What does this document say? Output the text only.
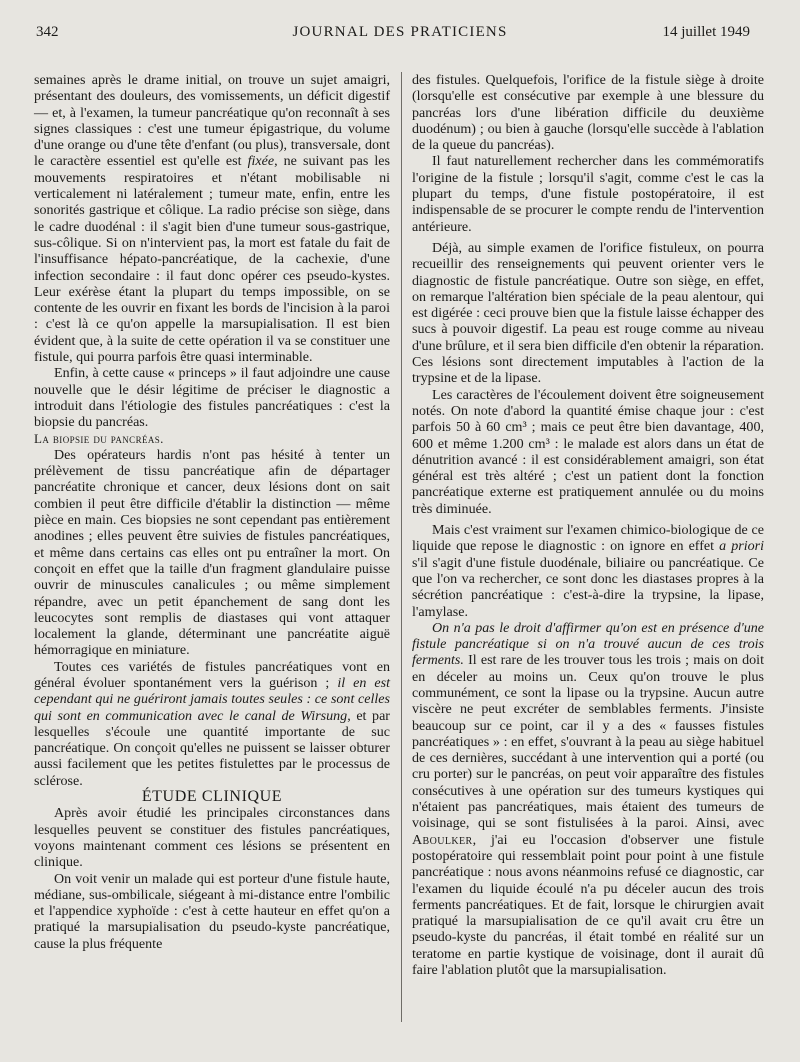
342	JOURNAL DES PRATICIENS	14 juillet 1949

semaines après le drame initial, on trouve un sujet amaigri, présentant des douleurs, des vomissements, un déficit digestif — et, à l'examen, la tumeur pancréatique qu'on reconnaît à ses signes classiques : c'est une tumeur épigastrique, du volume d'une orange ou d'une tête d'enfant (ou plus), transversale, dont le caractère essentiel est qu'elle est fixée, ne suivant pas les mouvements respiratoires et n'étant mobilisable ni verticalement ni latéralement ; tumeur mate, enfin, entre les sonorités gastrique et côlique. La radio précise son siège, dans le cadre duodénal : il s'agit bien d'une tumeur sous-gastrique, sus-côlique. Si on n'intervient pas, la mort est fatale du fait de l'insuffisance hépato-pancréatique, de la cachexie, d'une infection secondaire : il faut donc opérer ces pseudo-kystes. Leur exérèse étant la plupart du temps impossible, on se contente de les ouvrir en fixant les bords de l'incision à la paroi : c'est là ce qu'on appelle la marsupialisation. Il est bien évident que, à la suite de cette opération il va se constituer une fistule, qui pourra parfois être quasi interminable.

Enfin, à cette cause « princeps » il faut adjoindre une cause nouvelle que le désir légitime de préciser le diagnostic a introduit dans l'étiologie des fistules pancréatiques : c'est la biopsie du pancréas.

La biopsie du pancréas.

Des opérateurs hardis n'ont pas hésité à tenter un prélèvement de tissu pancréatique afin de départager pancréatite chronique et cancer, deux lésions dont on sait combien il peut être difficile d'établir la distinction — même pièce en main. Ces biopsies ne sont cependant pas entièrement anodines ; elles peuvent être suivies de fistules pancréatiques, et même dans certains cas elles ont pu entraîner la mort. On conçoit en effet que la taille d'un fragment glandulaire puisse ouvrir de minuscules canalicules ; ou même simplement répandre, avec un petit épanchement de sang dont les leucocytes sont remplis de diastases qui vont attaquer localement la glande, déterminant une pancréatite aiguë hémorragique en miniature.

Toutes ces variétés de fistules pancréatiques vont en général évoluer spontanément vers la guérison ; il en est cependant qui ne guériront jamais toutes seules : ce sont celles qui sont en communication avec le canal de Wirsung, et par lesquelles s'écoule une quantité importante de suc pancréatique. On conçoit qu'elles ne puissent se laisser obturer aussi facilement que les petites fistulettes par le processus de sclérose.

ÉTUDE CLINIQUE

Après avoir étudié les principales circonstances dans lesquelles peuvent se constituer des fistules pancréatiques, voyons maintenant comment ces lésions se présentent en clinique.

On voit venir un malade qui est porteur d'une fistule haute, médiane, sus-ombilicale, siégeant à mi-distance entre l'ombilic et l'appendice xyphoïde : c'est à cette hauteur en effet qu'on a pratiqué la marsupialisation du pseudo-kyste pancréatique, cause la plus fréquente

des fistules. Quelquefois, l'orifice de la fistule siège à droite (lorsqu'elle est consécutive par exemple à une blessure du pancréas lors d'une libération difficile du deuxième duodénum) ; ou bien à gauche (lorsqu'elle succède à l'ablation de la queue du pancréas).

Il faut naturellement rechercher dans les commémoratifs l'origine de la fistule ; lorsqu'il s'agit, comme c'est le cas la plupart du temps, d'une fistule postopératoire, il est indispensable de se procurer le compte rendu de l'intervention antérieure.

Déjà, au simple examen de l'orifice fistuleux, on pourra recueillir des renseignements qui peuvent orienter vers le diagnostic de fistule pancréatique. Outre son siège, en effet, on remarque l'altération bien spéciale de la peau alentour, qui est digérée : ceci prouve bien que la fistule laisse échapper des sucs à pouvoir digestif. La peau est rouge comme au niveau d'une brûlure, et il sera bien difficile d'en obtenir la réparation. Ces lésions sont directement imputables à l'action de la trypsine et de la lipase.

Les caractères de l'écoulement doivent être soigneusement notés. On note d'abord la quantité émise chaque jour : c'est parfois 50 à 60 cm³ ; mais ce peut être bien davantage, 400, 600 et même 1.200 cm³ : le malade est alors dans un état de dénutrition avancé : il est considérablement amaigri, son état général est très altéré ; c'est un patient dont la fonction pancréatique externe est pratiquement annulée ou du moins très diminuée.

Mais c'est vraiment sur l'examen chimico-biologique de ce liquide que repose le diagnostic : on ignore en effet a priori s'il s'agit d'une fistule duodénale, biliaire ou pancréatique. Ce que l'on va rechercher, ce sont donc les diastases propres à la sécrétion pancréatique : c'est-à-dire la trypsine, la lipase, l'amylase.

On n'a pas le droit d'affirmer qu'on est en présence d'une fistule pancréatique si on n'a trouvé aucun de ces trois ferments. Il est rare de les trouver tous les trois ; mais on doit en déceler au moins un. Ceux qu'on trouve le plus communément, ce sont la lipase ou la trypsine. Aucun autre viscère ne peut excréter de semblables ferments. J'insiste beaucoup sur ce point, car il y a des « fausses fistules pancréatiques » : en effet, s'ouvrant à la peau au siège habituel de ces dernières, succédant à une intervention qui a porté (ou cru porter) sur le pancréas, on peut voir apparaître des fistules consécutives à une opération sur des tumeurs kystiques qui n'étaient pas pancréatiques, mais étaient des tumeurs de voisinage, qui se sont fistulisées à la paroi. Ainsi, avec Aboulker, j'ai eu l'occasion d'observer une fistule postopératoire qui ressemblait point pour point à une fistule pancréatique : nous avons néanmoins refusé ce diagnostic, car l'examen du liquide écoulé n'a pu déceler aucun des trois ferments pancréatiques. Et de fait, lorsque le chirurgien avait pratiqué la marsupialisation de ce qu'il avait cru être un pseudo-kyste du pancréas, il était tombé en réalité sur un teratome en partie kystique de voisinage, dont il aurait dû faire l'ablation plutôt que la marsupialisation.
